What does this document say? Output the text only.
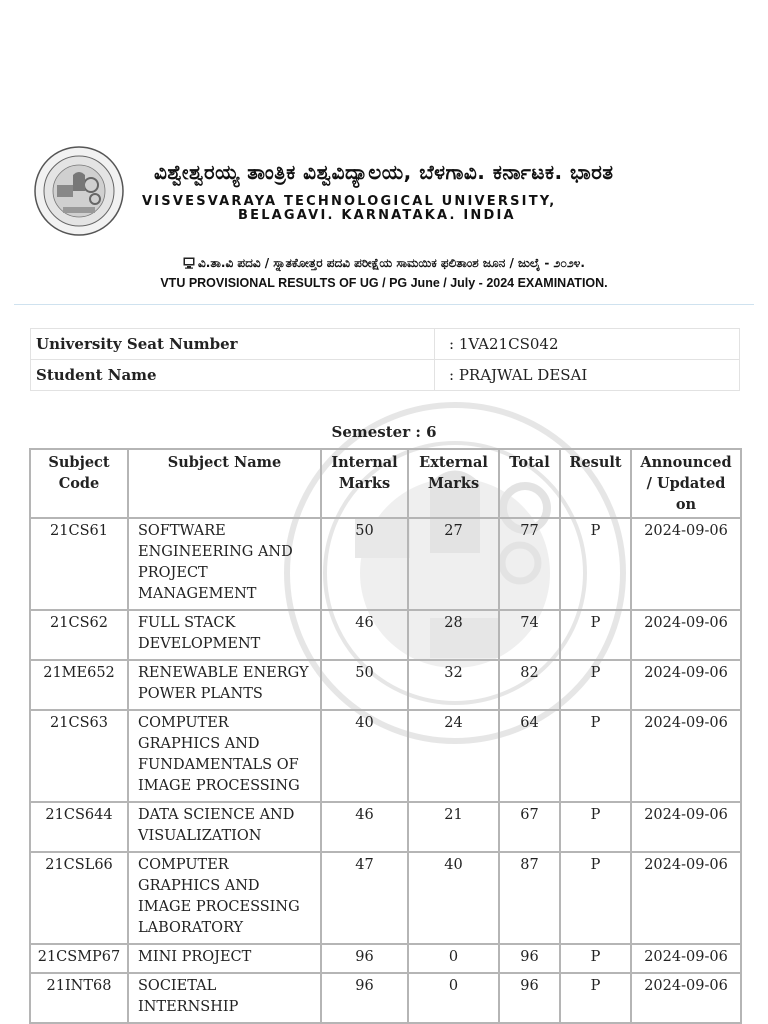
ವಿಶ್ವೇಶ್ವರಯ್ಯ ತಾಂತ್ರಿಕ ವಿಶ್ವವಿದ್ಯಾಲಯ, ಬೆಳಗಾವಿ. ಕರ್ನಾಟಕ. ಭಾರತ
VISVESVARAYA TECHNOLOGICAL UNIVERSITY,
BELAGAVI. KARNATAKA. INDIA
ವಿ.ತಾ.ವಿ ಪದವಿ / ಸ್ನಾತಕೋತ್ತರ ಪದವಿ ಪರೀಕ್ಷೆಯ ಸಾಮಯಿಕ ಫಲಿತಾಂಶ ಜೂನ / ಜುಲೈ - ೨೦೨೪.
VTU PROVISIONAL RESULTS OF UG / PG June / July - 2024 EXAMINATION.
University Seat Number	: 1VA21CS042
Student Name	: PRAJWAL DESAI
Semester : 6
Subject Code	Subject Name	Internal Marks	External Marks	Total	Result	Announced / Updated on
21CS61	SOFTWARE ENGINEERING AND PROJECT MANAGEMENT	50	27	77	P	2024-09-06
21CS62	FULL STACK DEVELOPMENT	46	28	74	P	2024-09-06
21ME652	RENEWABLE ENERGY POWER PLANTS	50	32	82	P	2024-09-06
21CS63	COMPUTER GRAPHICS AND FUNDAMENTALS OF IMAGE PROCESSING	40	24	64	P	2024-09-06
21CS644	DATA SCIENCE AND VISUALIZATION	46	21	67	P	2024-09-06
21CSL66	COMPUTER GRAPHICS AND IMAGE PROCESSING LABORATORY	47	40	87	P	2024-09-06
21CSMP67	MINI PROJECT	96	0	96	P	2024-09-06
21INT68	SOCIETAL INTERNSHIP	96	0	96	P	2024-09-06
